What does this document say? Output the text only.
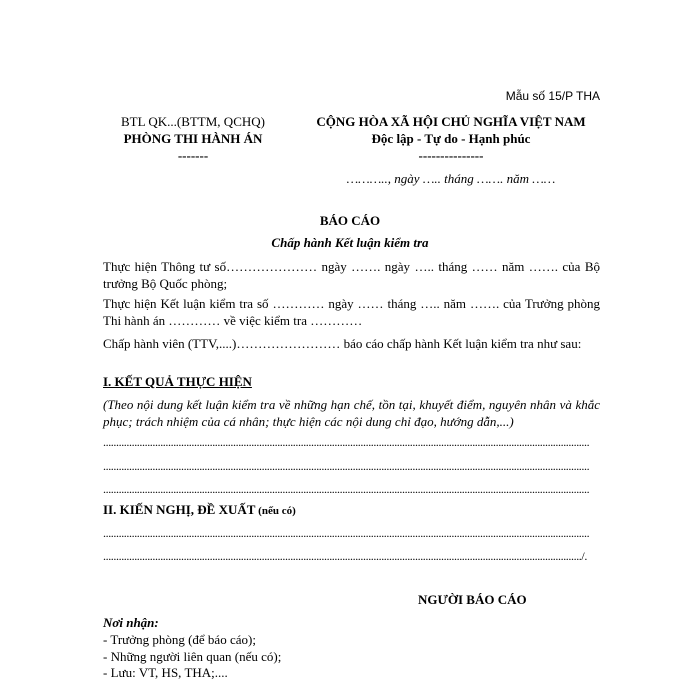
Mẫu số 15/P THA
BTL QK...(BTTM, QCHQ)
PHÒNG THI HÀNH ÁN
-------
CỘNG HÒA XÃ HỘI CHỦ NGHĨA VIỆT NAM
Độc lập - Tự do - Hạnh phúc
---------------
……….., ngày ….. tháng ……. năm ……
BÁO CÁO
Chấp hành Kết luận kiểm tra
Thực hiện Thông tư số………………… ngày ……. ngày ….. tháng …… năm ……. của Bộ trưởng Bộ Quốc phòng;
Thực hiện Kết luận kiểm tra số ………… ngày …… tháng ….. năm ……. của Trưởng phòng Thi hành án ………… về việc kiểm tra …………
Chấp hành viên (TTV,....)…………………… báo cáo chấp hành Kết luận kiểm tra như sau:
I. KẾT QUẢ THỰC HIỆN
(Theo nội dung kết luận kiểm tra về những hạn chế, tồn tại, khuyết điểm, nguyên nhân và khắc phục; trách nhiệm của cá nhân; thực hiện các nội dung chỉ đạo, hướng dẫn,...)
...........................................................................................................................................................................................
...........................................................................................................................................................................................
...........................................................................................................................................................................................
II. KIẾN NGHỊ, ĐỀ XUẤT (nếu có)
...........................................................................................................................................................................................
......................................................................................................................................................................................../.
NGƯỜI BÁO CÁO
Nơi nhận:
- Trưởng phòng (để báo cáo);
- Những người liên quan (nếu có);
- Lưu: VT, HS, THA;....
